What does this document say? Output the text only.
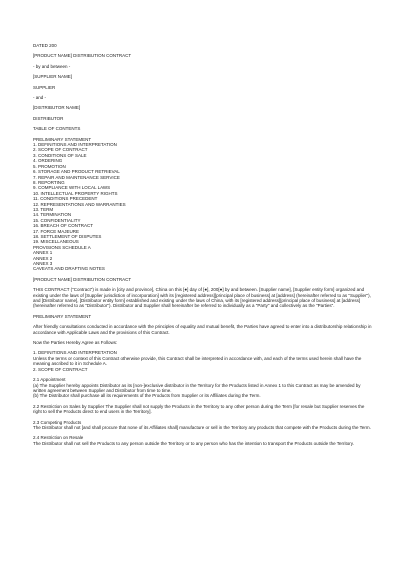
DATED 200
[PRODUCT NAME] DISTRIBUTION CONTRACT
- by and between -
[SUPPLIER NAME]
SUPPLIER
- and -
[DISTRIBUTOR NAME]
DISTRIBUTOR
TABLE OF CONTENTS
PRELIMINARY STATEMENT
1. DEFINITIONS AND INTERPRETATION
2. SCOPE OF CONTRACT
3. CONDITIONS OF SALE
4. ORDERING
5. PROMOTION
6. STORAGE AND PRODUCT RETRIEVAL
7. REPAIR AND MAINTENANCE SERVICE
8. REPORTING
9. COMPLIANCE WITH LOCAL LAWS
10. INTELLECTUAL PROPERTY RIGHTS
11. CONDITIONS PRECEDENT
12. REPRESENTATIONS AND WARRANTIES
13. TERM
14. TERMINATION
15. CONFIDENTIALITY
16. BREACH OF CONTRACT
17. FORCE MAJEURE
18. SETTLEMENT OF DISPUTES
19. MISCELLANEOUS
PROVISIONS SCHEDULE A
ANNEX 1
ANNEX 2
ANNEX 3
CAVEATS AND DRAFTING NOTES
[PRODUCT NAME] DISTRIBUTION CONTRACT
THIS CONTRACT ("Contract") is made in [city and province], China on this [●] day of [●], 200[●] by and between. [Supplier name], [Supplier entity form] organized and existing under the laws of [Supplier jurisdiction of incorporation] with its [registered address][principal place of business] at [address] (hereinafter referred to as "Supplier"), and [Distributor name], [Distributor entity form] established and existing under the laws of China, with its [registered address][principal place of business] at [address] (hereinafter referred to as "Distributor"). Distributor and Supplier shall hereinafter be referred to individually as a "Party" and collectively as the "Parties".
PRELIMINARY STATEMENT
After friendly consultations conducted in accordance with the principles of equality and mutual benefit, the Parties have agreed to enter into a distributorship relationship in accordance with Applicable Laws and the provisions of this Contract.
Now the Parties Hereby Agree as Follows:
1. DEFINITIONS AND INTERPRETATION
Unless the terms or context of this Contract otherwise provide, this Contract shall be interpreted in accordance with, and each of the terms used herein shall have the meaning ascribed to it in Schedule A.
2. SCOPE OF CONTRACT
2.1 Appointment
(a) The Supplier hereby appoints Distributor as its [non-]exclusive distributor in the Territory for the Products listed in Annex 1 to this Contract as may be amended by written agreement between Supplier and Distributor from time to time.
(b) The Distributor shall purchase all its requirements of the Products from Supplier or its Affiliates during the Term.
2.2 Restriction on Sales by Supplier The Supplier shall not supply the Products in the Territory to any other person during the Term [for resale but Supplier reserves the right to sell the Products direct to end users in the Territory].
2.3 Competing Products
The Distributor shall not [and shall procure that none of its Affiliates shall] manufacture or sell in the Territory any products that compete with the Products during the Term.
2.4 Restriction on Resale
The Distributor shall not sell the Products to any person outside the Territory or to any person who has the intention to transport the Products outside the Territory.
